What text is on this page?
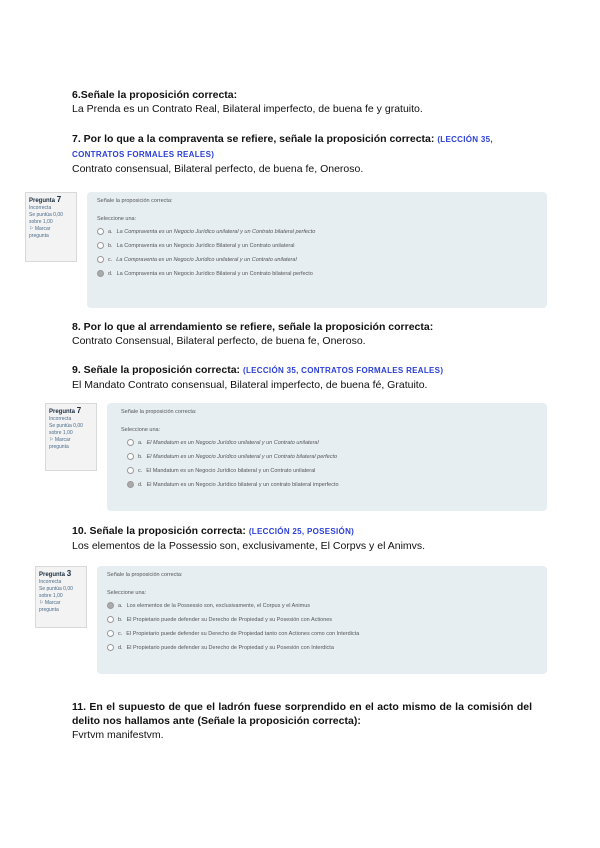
6.Señale la proposición correcta:
La Prenda es un Contrato Real, Bilateral imperfecto, de buena fe y gratuito.
7. Por lo que a la compraventa se refiere, señale la proposición correcta: (LECCIÓN 35, CONTRATOS FORMALES REALES)
Contrato consensual, Bilateral perfecto, de buena fe, Oneroso.
Pregunta 7
Incorrecta
Se puntúa 0,00
sobre 1,00
⚐ Marcar
pregunta
Señale la proposición correcta:
Seleccione una:
a. La Compraventa es un Negocio Jurídico unilateral y un Contrato bilateral perfecto
b. La Compraventa es un Negocio Jurídico Bilateral y un Contrato unilateral
c. La Compraventa es un Negocio Jurídico unilateral y un Contrato unilateral
d. La Compraventa es un Negocio Jurídico Bilateral y un Contrato bilateral perfecto
8. Por lo que al arrendamiento se refiere, señale la proposición correcta:
Contrato Consensual, Bilateral perfecto, de buena fe, Oneroso.
9. Señale la proposición correcta: (LECCIÓN 35, CONTRATOS FORMALES REALES)
El Mandato Contrato consensual, Bilateral imperfecto, de buena fé, Gratuito.
Pregunta 7
Incorrecta
Se puntúa 0,00
sobre 1,00
⚐ Marcar
pregunta
Señale la proposición correcta:
Seleccione una:
a. El Mandatum es un Negocio Jurídico unilateral y un Contrato unilateral
b. El Mandatum es un Negocio Jurídico unilateral y un Contrato bilateral perfecto
c. El Mandatum es un Negocio Jurídico bilateral y un Contrato unilateral
d. El Mandatum es un Negocio Jurídico bilateral y un contrato bilateral imperfecto
10. Señale la proposición correcta: (LECCIÓN 25, POSESIÓN)
Los elementos de la Possessio son, exclusivamente, El Corpvs y el Animvs.
Pregunta 3
Incorrecta
Se puntúa 0,00
sobre 1,00
⚐ Marcar
pregunta
Señale la proposición correcta:
Seleccione una:
a. Los elementos de la Possessio son, exclusivamente, el Corpus y el Animus
b. El Propietario puede defender su Derecho de Propiedad y su Posesión con Actiones
c. El Propietario puede defender su Derecho de Propiedad tanto con Actiones como con Interdicta
d. El Propietario puede defender su Derecho de Propiedad y su Posesión con Interdicta
11. En el supuesto de que el ladrón fuese sorprendido en el acto mismo de la comisión del delito nos hallamos ante (Señale la proposición correcta):
Fvrtvm manifestvm.
